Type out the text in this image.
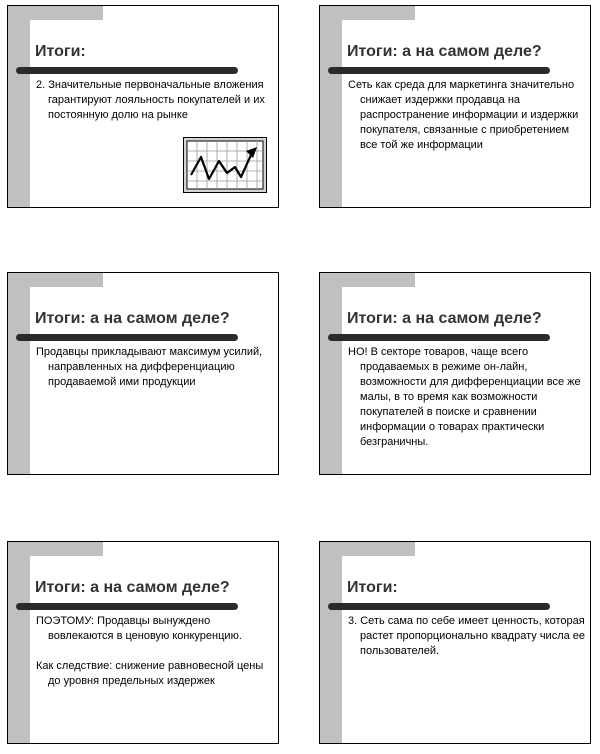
Итоги:

2. Значительные первоначальные вложения гарантируют лояльность покупателей и их постоянную долю на рынке

Итоги: а на самом деле?

Сеть как среда для маркетинга значительно снижает издержки продавца на распространение информации и издержки покупателя, связанные с приобретением все той же информации

Итоги: а на самом деле?

Продавцы прикладывают максимум усилий, направленных на дифференциацию продаваемой ими продукции

Итоги: а на самом деле?

НО! В секторе товаров, чаще всего продаваемых в режиме он-лайн, возможности для дифференциации все же малы, в то время как возможности покупателей в поиске и сравнении информации о товарах практически безграничны.

Итоги: а на самом деле?

ПОЭТОМУ: Продавцы вынуждено вовлекаются в ценовую конкуренцию.

Как следствие: снижение равновесной цены до уровня предельных издержек

Итоги:

3. Сеть сама по себе имеет ценность, которая растет пропорционально квадрату числа ее пользователей.
